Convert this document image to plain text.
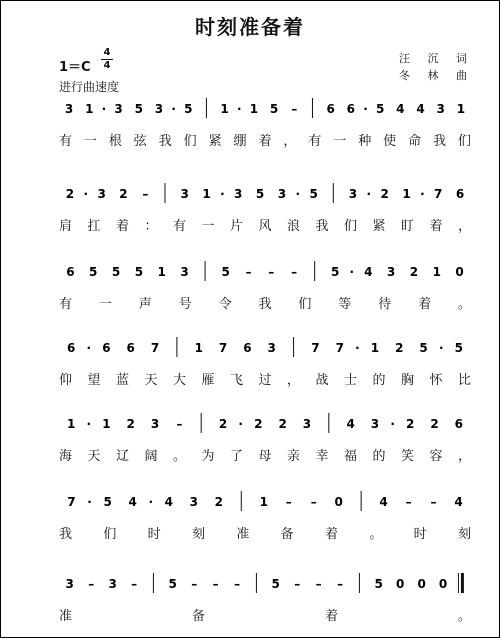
时刻准备着
1＝C
4
4
进行曲速度
汪 沉 词
冬 林 曲
3 1 · 3 5 3 · 5 1 · 1 5 – 6 6 · 5 4 4 3 1
有一根弦我们紧绷着，有一种使命我们
2 · 3 2 –	3 1 · 3 5 3 · 5	3 · 2 1 · 7 6
肩扛着：有一片风浪我们紧盯着，
6 5 5 5 1 3	5 – – –	5 · 4 3 2 1 0
有一声号令我们等待着。
6 · 6 6 7	1 7 6 3	7 7 · 1 2 5 · 5
仰望蓝天大雁飞过，战士的胸怀比
1 · 1 2 3 –	2 · 2 2 3	4 3 · 2 2 6
海天辽阔。为了母亲幸福的笑容，
7 · 5 4 · 4 3 2	1 – – 0	4 – – 4
我们时刻准备着。时刻
3 – 3 –	5 – – –	5 – – –	5 0 0 0
准备着。
